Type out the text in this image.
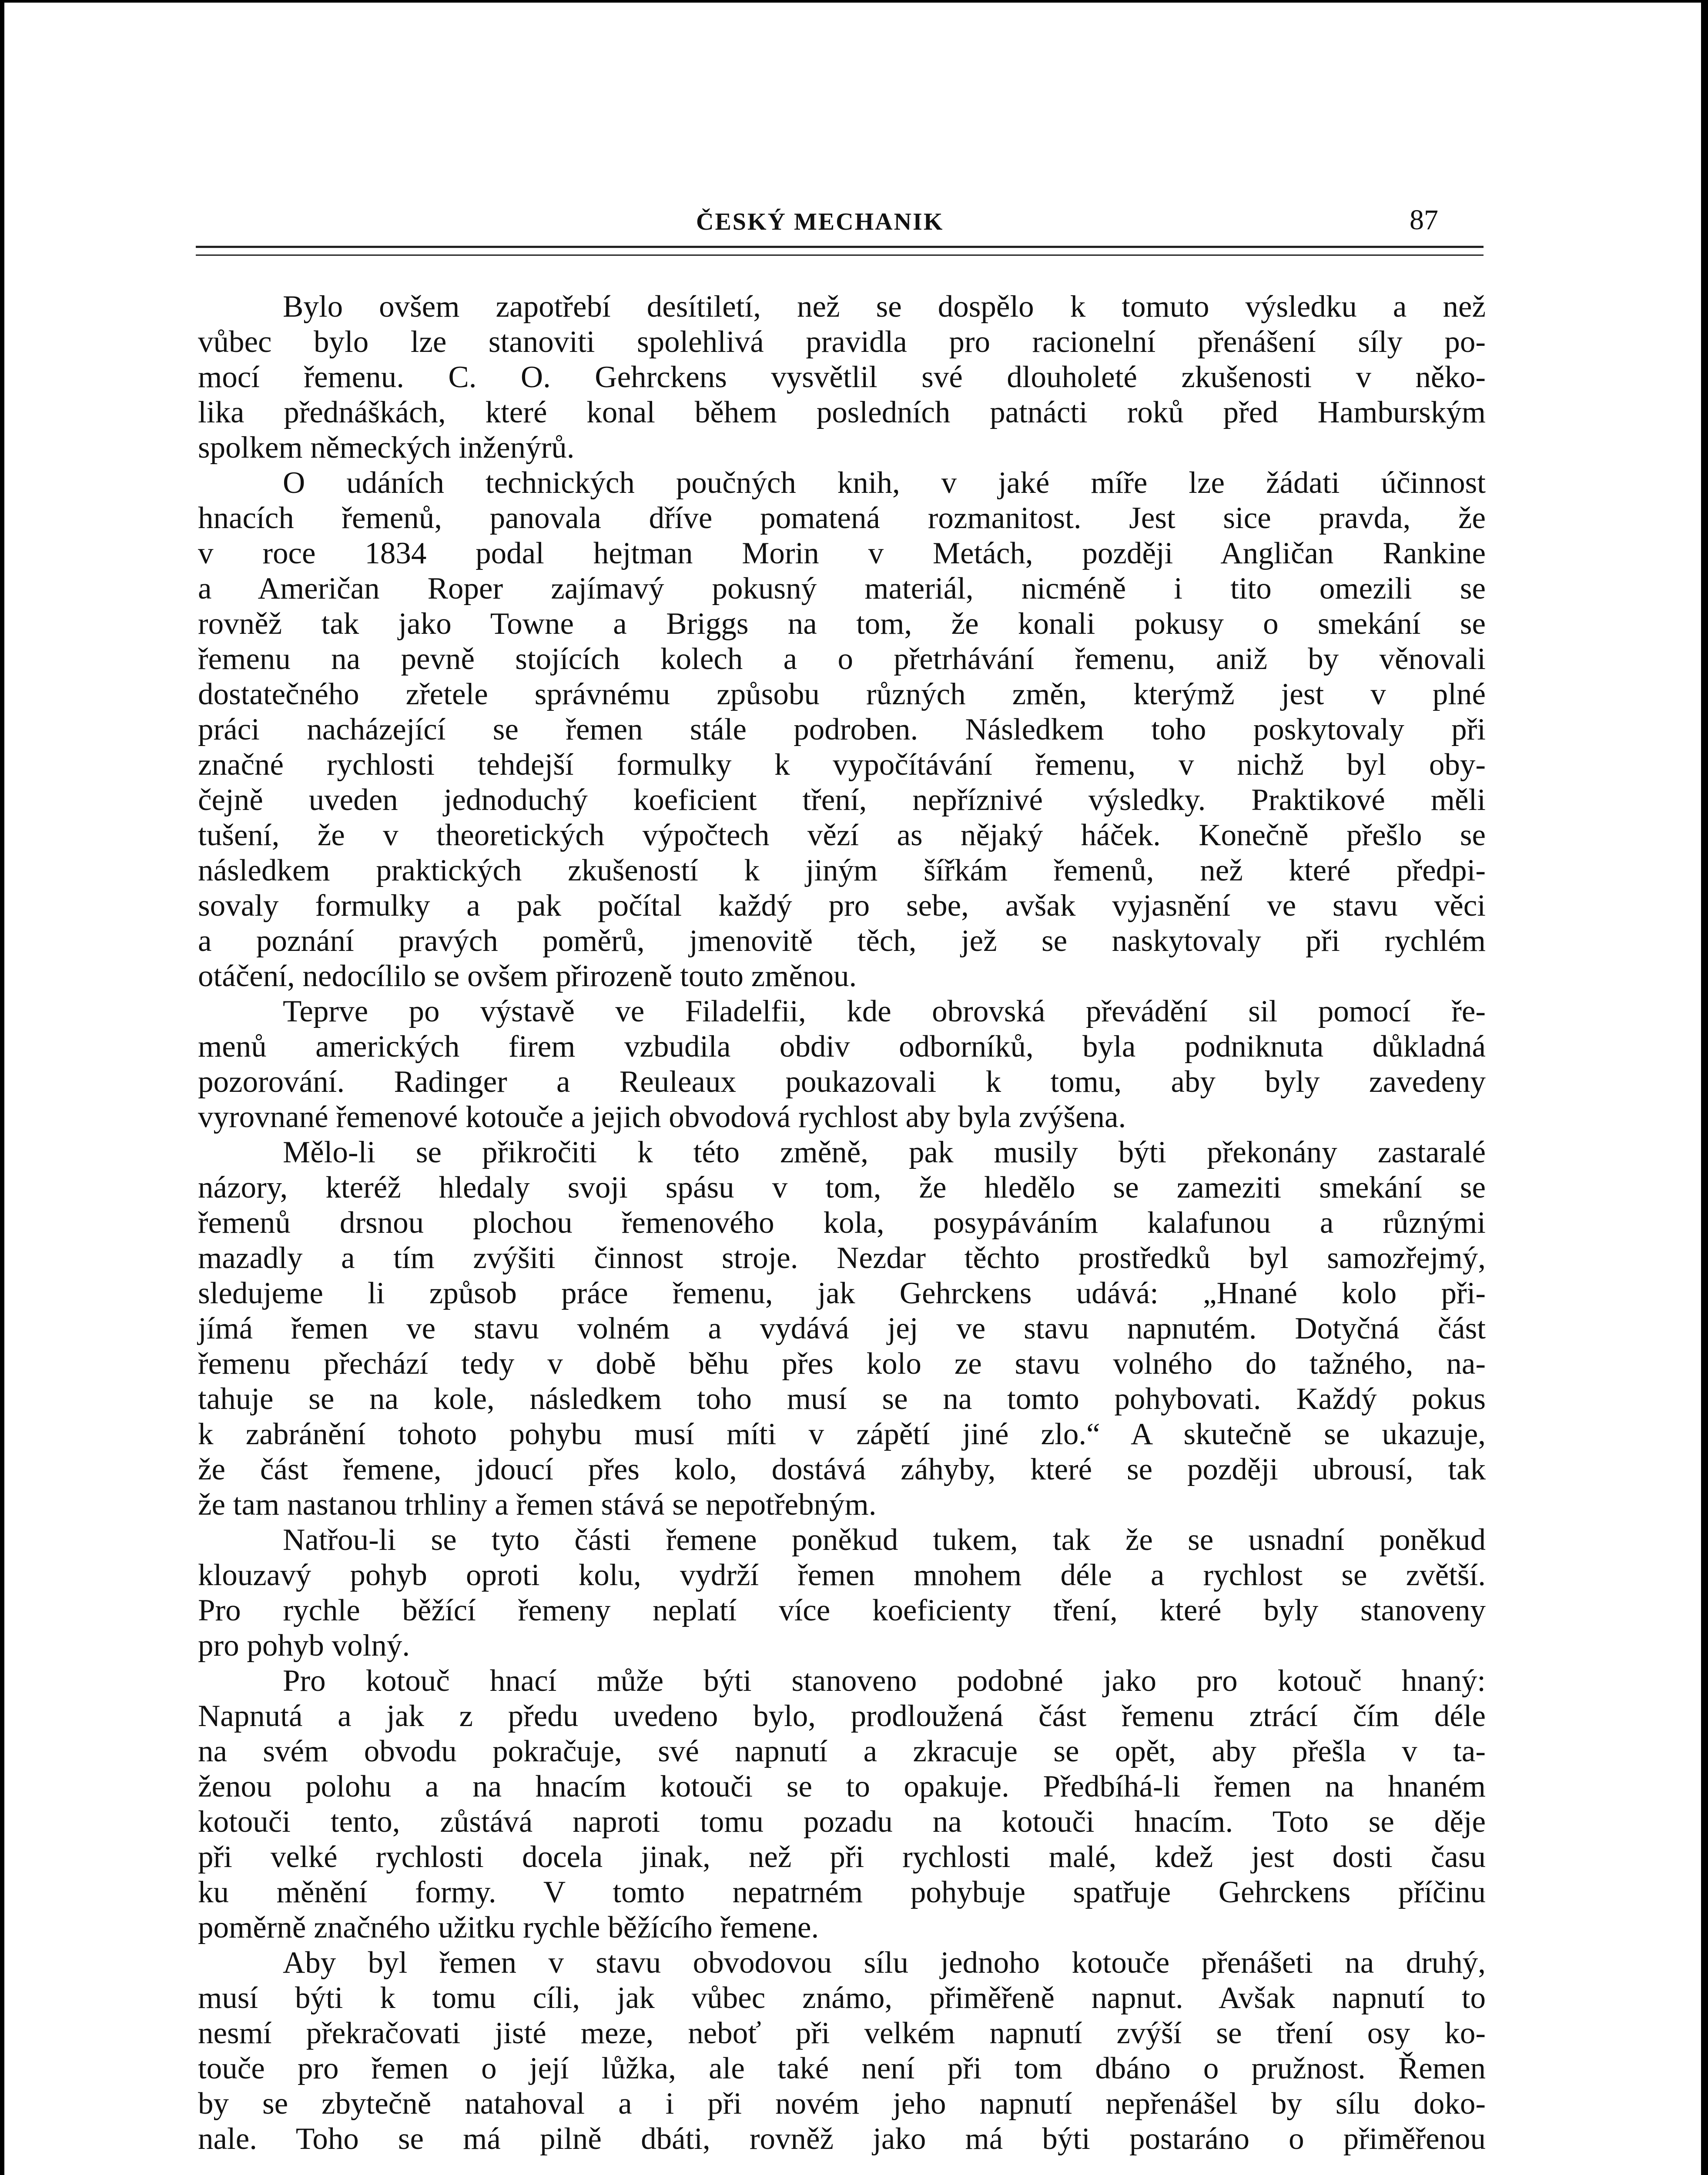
ČESKÝ MECHANIK	87
Bylo ovšem zapotřebí desítiletí, než se dospělo k tomuto výsledku a než
vůbec bylo lze stanoviti spolehlivá pravidla pro racionelní přenášení síly po-
mocí řemenu. C. O. Gehrckens vysvětlil své dlouholeté zkušenosti v něko-
lika přednáškách, které konal během posledních patnácti roků před Hamburským
spolkem německých inženýrů.
O udáních technických poučných knih, v jaké míře lze žádati účinnost
hnacích řemenů, panovala dříve pomatená rozmanitost. Jest sice pravda, že
v roce 1834 podal hejtman Morin v Metách, později Angličan Rankine
a Američan Roper zajímavý pokusný materiál, nicméně i tito omezili se
rovněž tak jako Towne a Briggs na tom, že konali pokusy o smekání se
řemenu na pevně stojících kolech a o přetrhávání řemenu, aniž by věnovali
dostatečného zřetele správnému způsobu různých změn, kterýmž jest v plné
práci nacházející se řemen stále podroben. Následkem toho poskytovaly při
značné rychlosti tehdejší formulky k vypočítávání řemenu, v nichž byl oby-
čejně uveden jednoduchý koeficient tření, nepříznivé výsledky. Praktikové měli
tušení, že v theoretických výpočtech vězí as nějaký háček. Konečně přešlo se
následkem praktických zkušeností k jiným šířkám řemenů, než které předpi-
sovaly formulky a pak počítal každý pro sebe, avšak vyjasnění ve stavu věci
a poznání pravých poměrů, jmenovitě těch, jež se naskytovaly při rychlém
otáčení, nedocílilo se ovšem přirozeně touto změnou.
Teprve po výstavě ve Filadelfii, kde obrovská převádění sil pomocí ře-
menů amerických firem vzbudila obdiv odborníků, byla podniknuta důkladná
pozorování. Radinger a Reuleaux poukazovali k tomu, aby byly zavedeny
vyrovnané řemenové kotouče a jejich obvodová rychlost aby byla zvýšena.
Mělo-li se přikročiti k této změně, pak musily býti překonány zastaralé
názory, kteréž hledaly svoji spásu v tom, že hledělo se zameziti smekání se
řemenů drsnou plochou řemenového kola, posypáváním kalafunou a různými
mazadly a tím zvýšiti činnost stroje. Nezdar těchto prostředků byl samozřejmý,
sledujeme li způsob práce řemenu, jak Gehrckens udává: „Hnané kolo při-
jímá řemen ve stavu volném a vydává jej ve stavu napnutém. Dotyčná část
řemenu přechází tedy v době běhu přes kolo ze stavu volného do tažného, na-
tahuje se na kole, následkem toho musí se na tomto pohybovati. Každý pokus
k zabránění tohoto pohybu musí míti v zápětí jiné zlo.“ A skutečně se ukazuje,
že část řemene, jdoucí přes kolo, dostává záhyby, které se později ubrousí, tak
že tam nastanou trhliny a řemen stává se nepotřebným.
Natřou-li se tyto části řemene poněkud tukem, tak že se usnadní poněkud
klouzavý pohyb oproti kolu, vydrží řemen mnohem déle a rychlost se zvětší.
Pro rychle běžící řemeny neplatí více koeficienty tření, které byly stanoveny
pro pohyb volný.
Pro kotouč hnací může býti stanoveno podobné jako pro kotouč hnaný:
Napnutá a jak z předu uvedeno bylo, prodloužená část řemenu ztrácí čím déle
na svém obvodu pokračuje, své napnutí a zkracuje se opět, aby přešla v ta-
ženou polohu a na hnacím kotouči se to opakuje. Předbíhá-li řemen na hnaném
kotouči tento, zůstává naproti tomu pozadu na kotouči hnacím. Toto se děje
při velké rychlosti docela jinak, než při rychlosti malé, kdež jest dosti času
ku měnění formy. V tomto nepatrném pohybuje spatřuje Gehrckens příčinu
poměrně značného užitku rychle běžícího řemene.
Aby byl řemen v stavu obvodovou sílu jednoho kotouče přenášeti na druhý,
musí býti k tomu cíli, jak vůbec známo, přiměřeně napnut. Avšak napnutí to
nesmí překračovati jisté meze, neboť při velkém napnutí zvýší se tření osy ko-
touče pro řemen o její lůžka, ale také není při tom dbáno o pružnost. Řemen
by se zbytečně natahoval a i při novém jeho napnutí nepřenášel by sílu doko-
nale. Toho se má pilně dbáti, rovněž jako má býti postaráno o přiměřenou
